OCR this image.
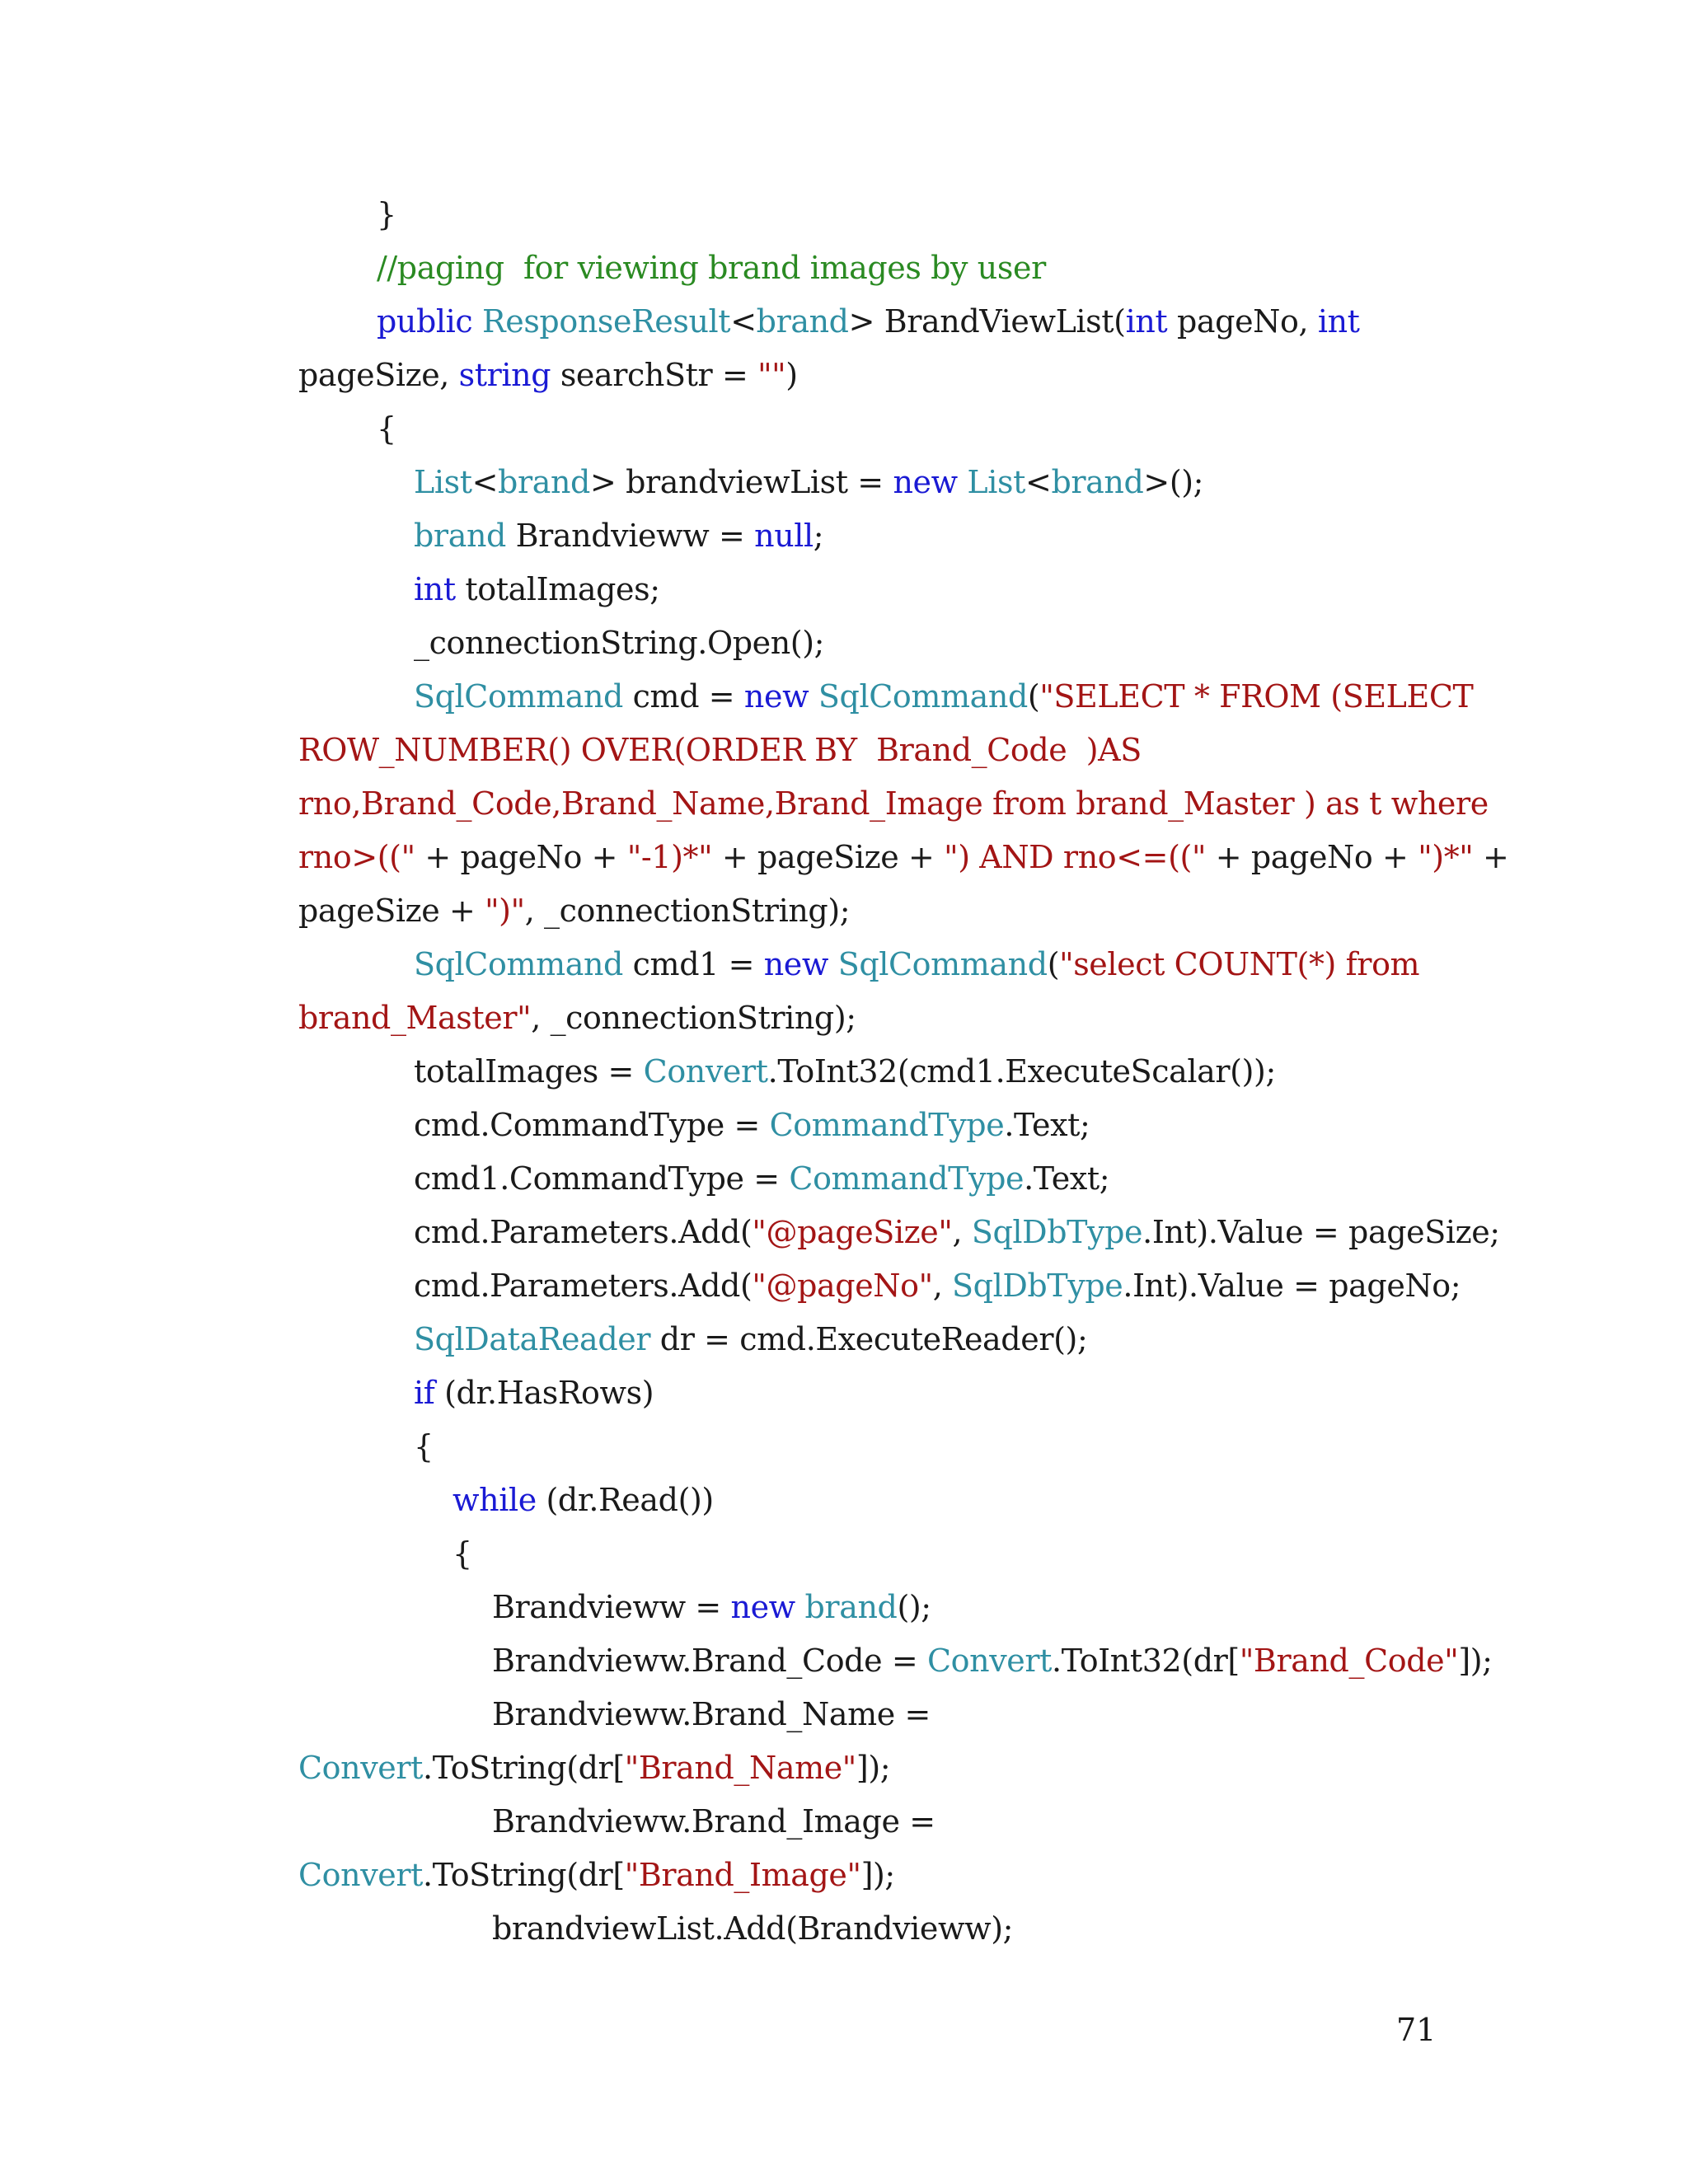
}
//paging  for viewing brand images by user
public ResponseResult<brand> BrandViewList(int pageNo, int
pageSize, string searchStr = "")
{
List<brand> brandviewList = new List<brand>();
brand Brandvieww = null;
int totalImages;
_connectionString.Open();
SqlCommand cmd = new SqlCommand("SELECT * FROM (SELECT
ROW_NUMBER() OVER(ORDER BY  Brand_Code  )AS
rno,Brand_Code,Brand_Name,Brand_Image from brand_Master ) as t where
rno>((" + pageNo + "-1)*" + pageSize + ") AND rno<=((" + pageNo + ")*" +
pageSize + ")", _connectionString);
SqlCommand cmd1 = new SqlCommand("select COUNT(*) from
brand_Master", _connectionString);
totalImages = Convert.ToInt32(cmd1.ExecuteScalar());
cmd.CommandType = CommandType.Text;
cmd1.CommandType = CommandType.Text;
cmd.Parameters.Add("@pageSize", SqlDbType.Int).Value = pageSize;
cmd.Parameters.Add("@pageNo", SqlDbType.Int).Value = pageNo;
SqlDataReader dr = cmd.ExecuteReader();
if (dr.HasRows)
{
while (dr.Read())
{
Brandvieww = new brand();
Brandvieww.Brand_Code = Convert.ToInt32(dr["Brand_Code"]);
Brandvieww.Brand_Name =
Convert.ToString(dr["Brand_Name"]);
Brandvieww.Brand_Image =
Convert.ToString(dr["Brand_Image"]);
brandviewList.Add(Brandvieww);
71
